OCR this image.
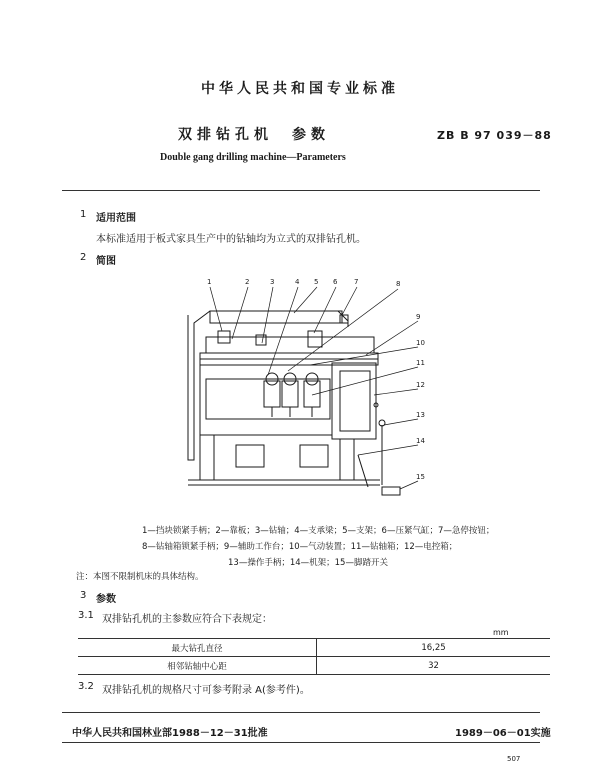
中华人民共和国专业标准
双排钻孔机　参数	ZB B 97 039－88
Double gang drilling machine—Parameters
1 适用范围
本标准适用于板式家具生产中的钻轴均为立式的双排钻孔机。
2 简图
1	2	3	4 5 6 7	8
9
10
11
12
13
14
15
1—挡块锁紧手柄；2—靠板；3—钻轴；4—支承梁；5—支架；6—压紧气缸；7—急停按钮；
8—钻轴箱锁紧手柄；9—辅助工作台；10—气动装置；11—钻轴箱；12—电控箱；
13—操作手柄；14—机架；15—脚踏开关
注：本图不限制机床的具体结构。
3 参数
3.1 双排钻孔机的主参数应符合下表规定：
mm
最大钻孔直径	16,25
相邻钻轴中心距	32
3.2 双排钻孔机的规格尺寸可参考附录 A(参考件)。
中华人民共和国林业部1988－12－31批准	1989－06－01实施
507
